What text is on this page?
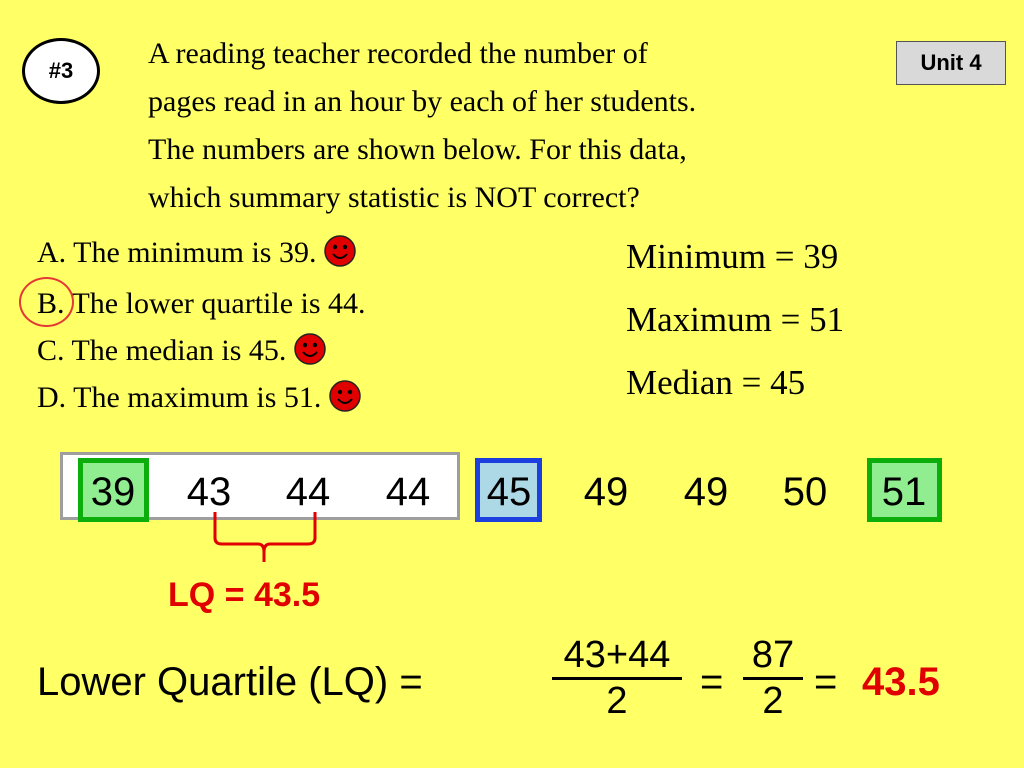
#3	Unit 4
A reading teacher recorded the number of
pages read in an hour by each of her students.
The numbers are shown below. For this data,
which summary statistic is NOT correct?
A. The minimum is 39.
B. The lower quartile is 44.
C. The median is 45.
D. The maximum is 51.
Minimum = 39
Maximum = 51
Median = 45
39 43 44 44 45 49 49 50 51
LQ = 43.5
Lower Quartile (LQ) =	$\frac{43+44}{2} = \frac{87}{2} = 43.5$
